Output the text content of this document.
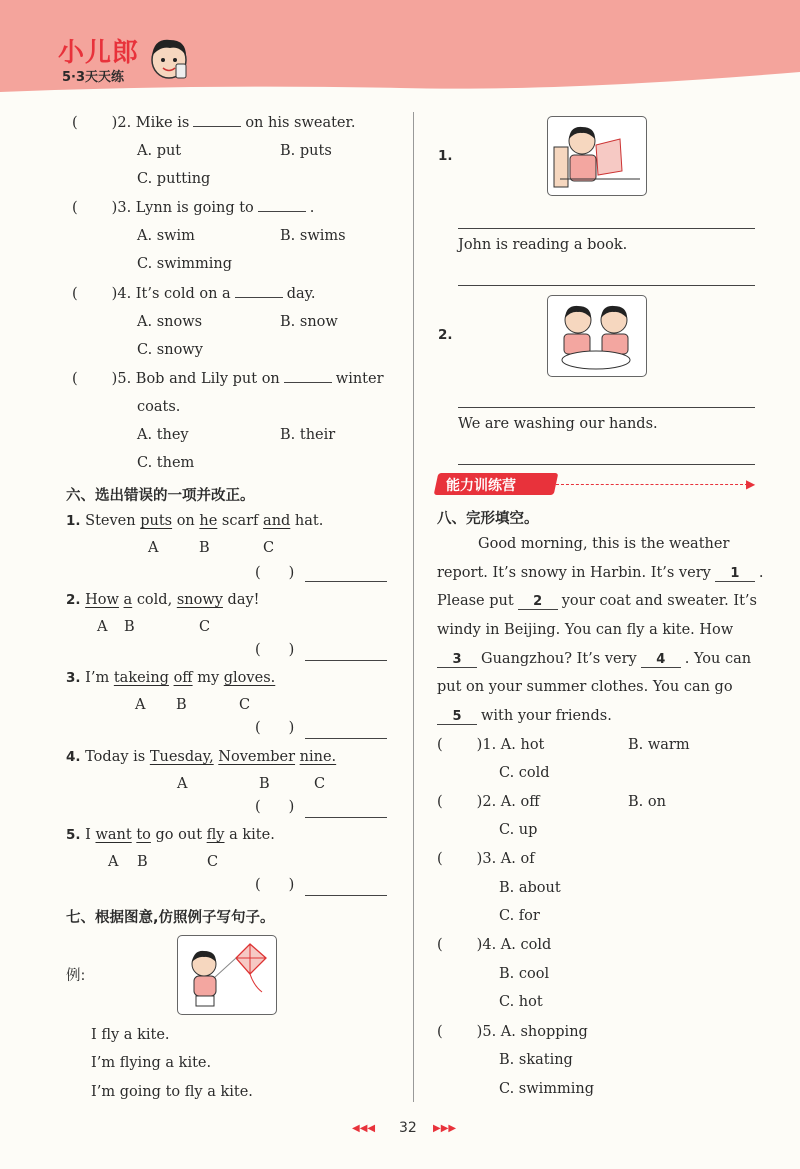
小儿郎
5·3天天练
( )2. Mike is	on his sweater.
A. put	B. puts
C. putting
( )3. Lynn is going to	.
A. swim	B. swims
C. swimming
( )4. It’s cold on a	day.
A. snows	B. snow
C. snowy
( )5. Bob and Lily put on	winter
coats.
A. they	B. their
C. them
六、选出错误的一项并改正。
1. Steven puts on he scarf and hat.
A	B	C
( )
2. How a cold, snowy day!
A B	C
( )
3. I’m takeing off my gloves.
A B	C
( )
4. Today is Tuesday, November nine.
A	B	C
( )
5. I want to go out fly a kite.
A B	C
( )
七、根据图意,仿照例子写句子。
例:
I fly a kite.
I’m flying a kite.
I’m going to fly a kite.
1.
John is reading a book.
2.
We are washing our hands.
能力训练营	▶
八、完形填空。
Good morning, this is the weather
report. It’s snowy in Harbin. It’s very 1 .
Please put 2 your coat and sweater. It’s
windy in Beijing. You can fly a kite. How
3 Guangzhou? It’s very 4 . You can
put on your summer clothes. You can go
5 with your friends.
( )1. A. hot	B. warm
C. cold
( )2. A. off	B. on
C. up
( )3. A. of
B. about
C. for
( )4. A. cold
B. cool
C. hot
( )5. A. shopping
B. skating
C. swimming
◀◀◀ 32 ▶▶▶
